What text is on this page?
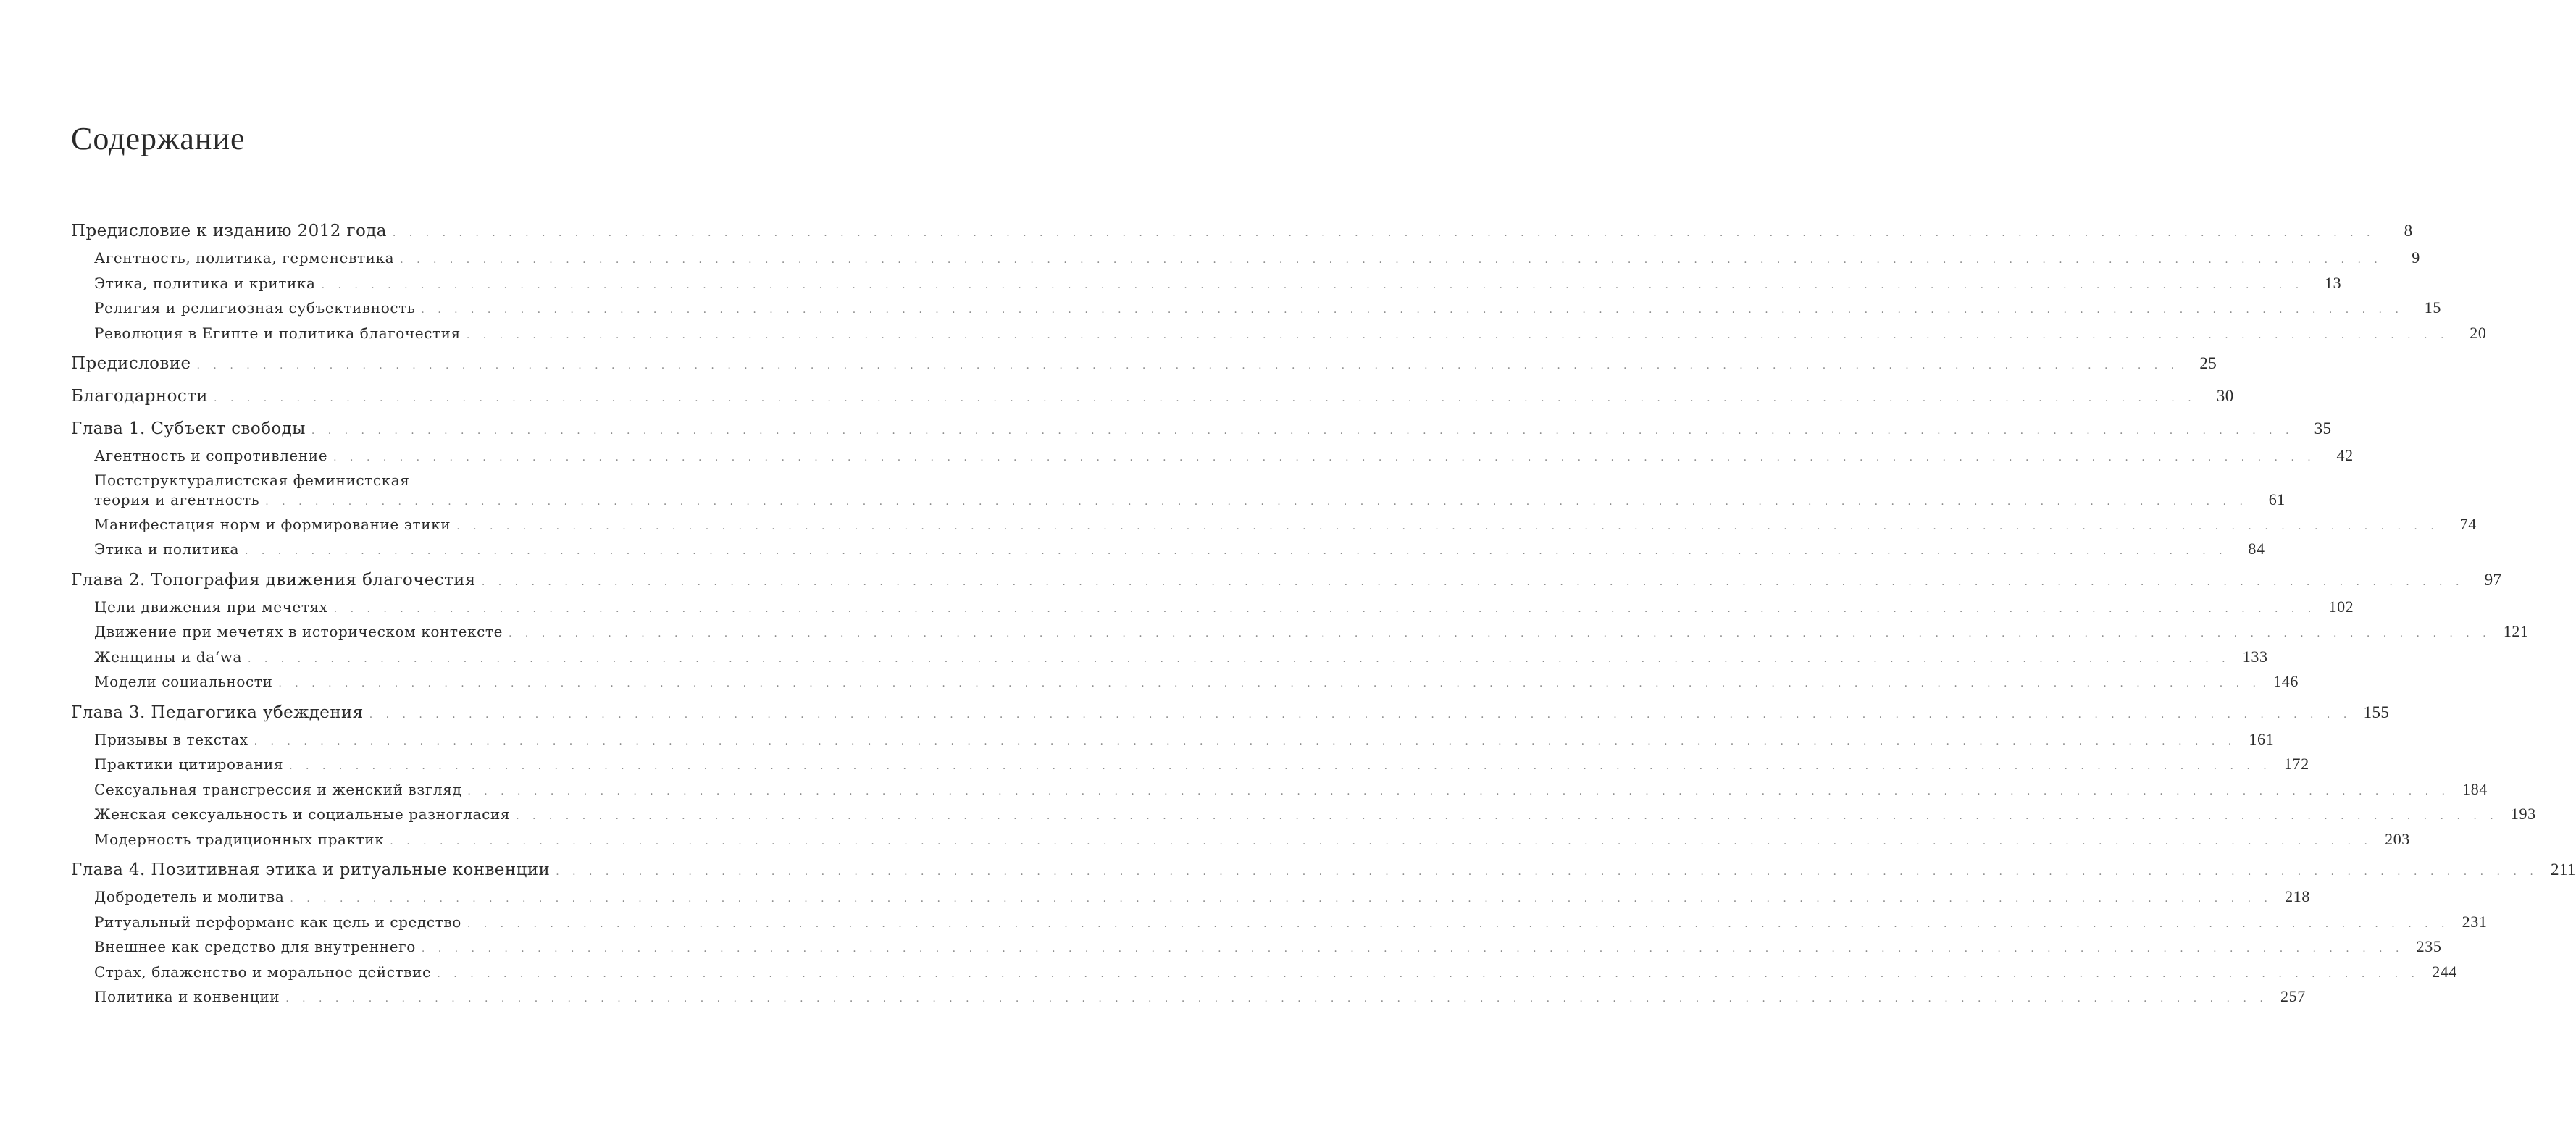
Содержание
Предисловие к изданию 2012 года . . . . . . . . . . . . . . . . . . . . . . . . . . . . . . . . . . . . . . . . . . . . . . . . . . . . . . . . . . . . . . . . . . . . . . . . . . . . . . . . . . . . . . . . . . . . . . . . . . . . . . . . . . . . . . . . . . . . . . . .	8
Агентность, политика, герменевтика . . . . . . . . . . . . . . . . . . . . . . . . . . . . . . . . . . . . . . . . . . . . . . . . . . . . . . . . . . . . . . . . . . . . . . . . . . . . . . . . . . . . . . . . . . . . . . . . . . . . . . . . . . . . . . . . . . . . . . . .	9
Этика, политика и критика . . . . . . . . . . . . . . . . . . . . . . . . . . . . . . . . . . . . . . . . . . . . . . . . . . . . . . . . . . . . . . . . . . . . . . . . . . . . . . . . . . . . . . . . . . . . . . . . . . . . . . . . . . . . . . . . . . . . . . . .	13
Религия и религиозная субъективность . . . . . . . . . . . . . . . . . . . . . . . . . . . . . . . . . . . . . . . . . . . . . . . . . . . . . . . . . . . . . . . . . . . . . . . . . . . . . . . . . . . . . . . . . . . . . . . . . . . . . . . . . . . . . . . . . . . . . . . .	15
Революция в Египте и политика благочестия . . . . . . . . . . . . . . . . . . . . . . . . . . . . . . . . . . . . . . . . . . . . . . . . . . . . . . . . . . . . . . . . . . . . . . . . . . . . . . . . . . . . . . . . . . . . . . . . . . . . . . . . . . . . . . . . . . . . . . . .	20
Предисловие . . . . . . . . . . . . . . . . . . . . . . . . . . . . . . . . . . . . . . . . . . . . . . . . . . . . . . . . . . . . . . . . . . . . . . . . . . . . . . . . . . . . . . . . . . . . . . . . . . . . . . . . . . . . . . . . . . . . . . . .	25
Благодарности . . . . . . . . . . . . . . . . . . . . . . . . . . . . . . . . . . . . . . . . . . . . . . . . . . . . . . . . . . . . . . . . . . . . . . . . . . . . . . . . . . . . . . . . . . . . . . . . . . . . . . . . . . . . . . . . . . . . . . . .	30
Глава 1. Субъект свободы . . . . . . . . . . . . . . . . . . . . . . . . . . . . . . . . . . . . . . . . . . . . . . . . . . . . . . . . . . . . . . . . . . . . . . . . . . . . . . . . . . . . . . . . . . . . . . . . . . . . . . . . . . . . . . . . . . . . . . . .	35
Агентность и сопротивление . . . . . . . . . . . . . . . . . . . . . . . . . . . . . . . . . . . . . . . . . . . . . . . . . . . . . . . . . . . . . . . . . . . . . . . . . . . . . . . . . . . . . . . . . . . . . . . . . . . . . . . . . . . . . . . . . . . . . . . .	42
Постструктуралистская феминистская
теория и агентность . . . . . . . . . . . . . . . . . . . . . . . . . . . . . . . . . . . . . . . . . . . . . . . . . . . . . . . . . . . . . . . . . . . . . . . . . . . . . . . . . . . . . . . . . . . . . . . . . . . . . . . . . . . . . . . . . . . . . . . .	61
Манифестация норм и формирование этики . . . . . . . . . . . . . . . . . . . . . . . . . . . . . . . . . . . . . . . . . . . . . . . . . . . . . . . . . . . . . . . . . . . . . . . . . . . . . . . . . . . . . . . . . . . . . . . . . . . . . . . . . . . . . . . . . . . . . . . .	74
Этика и политика . . . . . . . . . . . . . . . . . . . . . . . . . . . . . . . . . . . . . . . . . . . . . . . . . . . . . . . . . . . . . . . . . . . . . . . . . . . . . . . . . . . . . . . . . . . . . . . . . . . . . . . . . . . . . . . . . . . . . . . .	84
Глава 2. Топография движения благочестия . . . . . . . . . . . . . . . . . . . . . . . . . . . . . . . . . . . . . . . . . . . . . . . . . . . . . . . . . . . . . . . . . . . . . . . . . . . . . . . . . . . . . . . . . . . . . . . . . . . . . . . . . . . . . . . . . . . . . . . .	97
Цели движения при мечетях . . . . . . . . . . . . . . . . . . . . . . . . . . . . . . . . . . . . . . . . . . . . . . . . . . . . . . . . . . . . . . . . . . . . . . . . . . . . . . . . . . . . . . . . . . . . . . . . . . . . . . . . . . . . . . . . . . . . . . . . 102
Движение при мечетях в историческом контексте . . . . . . . . . . . . . . . . . . . . . . . . . . . . . . . . . . . . . . . . . . . . . . . . . . . . . . . . . . . . . . . . . . . . . . . . . . . . . . . . . . . . . . . . . . . . . . . . . . . . . . . . . . . . . . . . . . . . . . . . 121
Женщины и da‘wa . . . . . . . . . . . . . . . . . . . . . . . . . . . . . . . . . . . . . . . . . . . . . . . . . . . . . . . . . . . . . . . . . . . . . . . . . . . . . . . . . . . . . . . . . . . . . . . . . . . . . . . . . . . . . . . . . . . . . . . . 133
Модели социальности . . . . . . . . . . . . . . . . . . . . . . . . . . . . . . . . . . . . . . . . . . . . . . . . . . . . . . . . . . . . . . . . . . . . . . . . . . . . . . . . . . . . . . . . . . . . . . . . . . . . . . . . . . . . . . . . . . . . . . . . 146
Глава 3. Педагогика убеждения . . . . . . . . . . . . . . . . . . . . . . . . . . . . . . . . . . . . . . . . . . . . . . . . . . . . . . . . . . . . . . . . . . . . . . . . . . . . . . . . . . . . . . . . . . . . . . . . . . . . . . . . . . . . . . . . . . . . . . . . 155
Призывы в текстах . . . . . . . . . . . . . . . . . . . . . . . . . . . . . . . . . . . . . . . . . . . . . . . . . . . . . . . . . . . . . . . . . . . . . . . . . . . . . . . . . . . . . . . . . . . . . . . . . . . . . . . . . . . . . . . . . . . . . . . . 161
Практики цитирования . . . . . . . . . . . . . . . . . . . . . . . . . . . . . . . . . . . . . . . . . . . . . . . . . . . . . . . . . . . . . . . . . . . . . . . . . . . . . . . . . . . . . . . . . . . . . . . . . . . . . . . . . . . . . . . . . . . . . . . . 172
Сексуальная трансгрессия и женский взгляд . . . . . . . . . . . . . . . . . . . . . . . . . . . . . . . . . . . . . . . . . . . . . . . . . . . . . . . . . . . . . . . . . . . . . . . . . . . . . . . . . . . . . . . . . . . . . . . . . . . . . . . . . . . . . . . . . . . . . . . . 184
Женская сексуальность и социальные разногласия . . . . . . . . . . . . . . . . . . . . . . . . . . . . . . . . . . . . . . . . . . . . . . . . . . . . . . . . . . . . . . . . . . . . . . . . . . . . . . . . . . . . . . . . . . . . . . . . . . . . . . . . . . . . . . . . . . . . . . . . 193
Модерность традиционных практик . . . . . . . . . . . . . . . . . . . . . . . . . . . . . . . . . . . . . . . . . . . . . . . . . . . . . . . . . . . . . . . . . . . . . . . . . . . . . . . . . . . . . . . . . . . . . . . . . . . . . . . . . . . . . . . . . . . . . . . . 203
Глава 4. Позитивная этика и ритуальные конвенции . . . . . . . . . . . . . . . . . . . . . . . . . . . . . . . . . . . . . . . . . . . . . . . . . . . . . . . . . . . . . . . . . . . . . . . . . . . . . . . . . . . . . . . . . . . . . . . . . . . . . . . . . . . . . . . . . . . . . . . . 211
Добродетель и молитва . . . . . . . . . . . . . . . . . . . . . . . . . . . . . . . . . . . . . . . . . . . . . . . . . . . . . . . . . . . . . . . . . . . . . . . . . . . . . . . . . . . . . . . . . . . . . . . . . . . . . . . . . . . . . . . . . . . . . . . . 218
Ритуальный перформанс как цель и средство . . . . . . . . . . . . . . . . . . . . . . . . . . . . . . . . . . . . . . . . . . . . . . . . . . . . . . . . . . . . . . . . . . . . . . . . . . . . . . . . . . . . . . . . . . . . . . . . . . . . . . . . . . . . . . . . . . . . . . . . 231
Внешнее как средство для внутреннего . . . . . . . . . . . . . . . . . . . . . . . . . . . . . . . . . . . . . . . . . . . . . . . . . . . . . . . . . . . . . . . . . . . . . . . . . . . . . . . . . . . . . . . . . . . . . . . . . . . . . . . . . . . . . . . . . . . . . . . . 235
Страх, блаженство и моральное действие . . . . . . . . . . . . . . . . . . . . . . . . . . . . . . . . . . . . . . . . . . . . . . . . . . . . . . . . . . . . . . . . . . . . . . . . . . . . . . . . . . . . . . . . . . . . . . . . . . . . . . . . . . . . . . . . . . . . . . . . 244
Политика и конвенции . . . . . . . . . . . . . . . . . . . . . . . . . . . . . . . . . . . . . . . . . . . . . . . . . . . . . . . . . . . . . . . . . . . . . . . . . . . . . . . . . . . . . . . . . . . . . . . . . . . . . . . . . . . . . . . . . . . . . . . . 257
